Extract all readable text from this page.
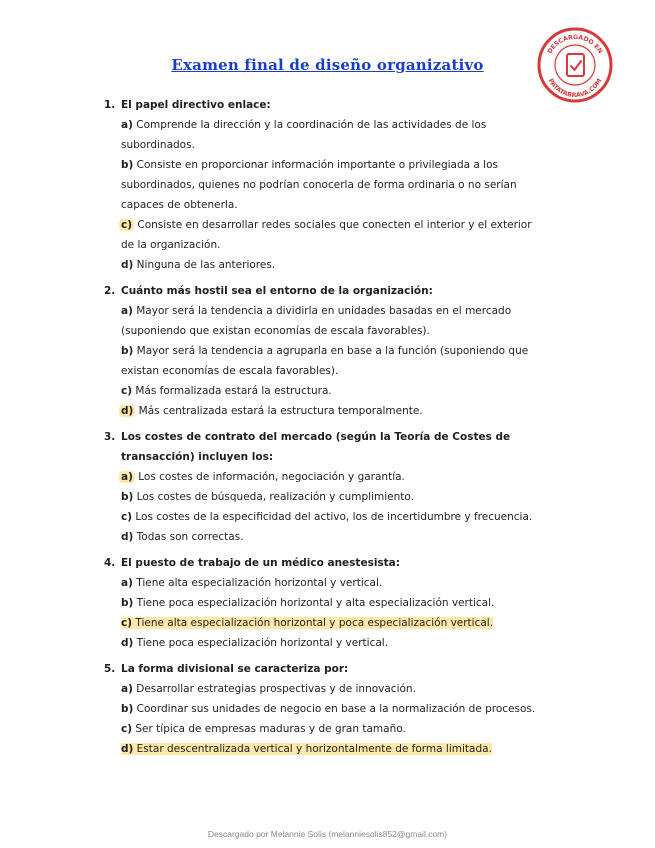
Examen final de diseño organizativo
DESCARGADO EN
PATATABRAVA.COM
1. El papel directivo enlace:
a) Comprende la dirección y la coordinación de las actividades de los
subordinados.
b) Consiste en proporcionar información importante o privilegiada a los
subordinados, quienes no podrían conocerla de forma ordinaria o no serían
capaces de obtenerla.
c) Consiste en desarrollar redes sociales que conecten el interior y el exterior
de la organización.
d) Ninguna de las anteriores.
2. Cuánto más hostil sea el entorno de la organización:
a) Mayor será la tendencia a dividirla en unidades basadas en el mercado
(suponiendo que existan economías de escala favorables).
b) Mayor será la tendencia a agruparla en base a la función (suponiendo que
existan economías de escala favorables).
c) Más formalizada estará la estructura.
d) Más centralizada estará la estructura temporalmente.
3. Los costes de contrato del mercado (según la Teoría de Costes de
transacción) incluyen los:
a) Los costes de información, negociación y garantía.
b) Los costes de búsqueda, realización y cumplimiento.
c) Los costes de la especificidad del activo, los de incertidumbre y frecuencia.
d) Todas son correctas.
4. El puesto de trabajo de un médico anestesista:
a) Tiene alta especialización horizontal y vertical.
b) Tiene poca especialización horizontal y alta especialización vertical.
c) Tiene alta especialización horizontal y poca especialización vertical.
d) Tiene poca especialización horizontal y vertical.
5. La forma divisional se caracteriza por:
a) Desarrollar estrategias prospectivas y de innovación.
b) Coordinar sus unidades de negocio en base a la normalización de procesos.
c) Ser típica de empresas maduras y de gran tamaño.
d) Estar descentralizada vertical y horizontalmente de forma limitada.
Descargado por Melannie Solis (melanniesolis852@gmail.com)
